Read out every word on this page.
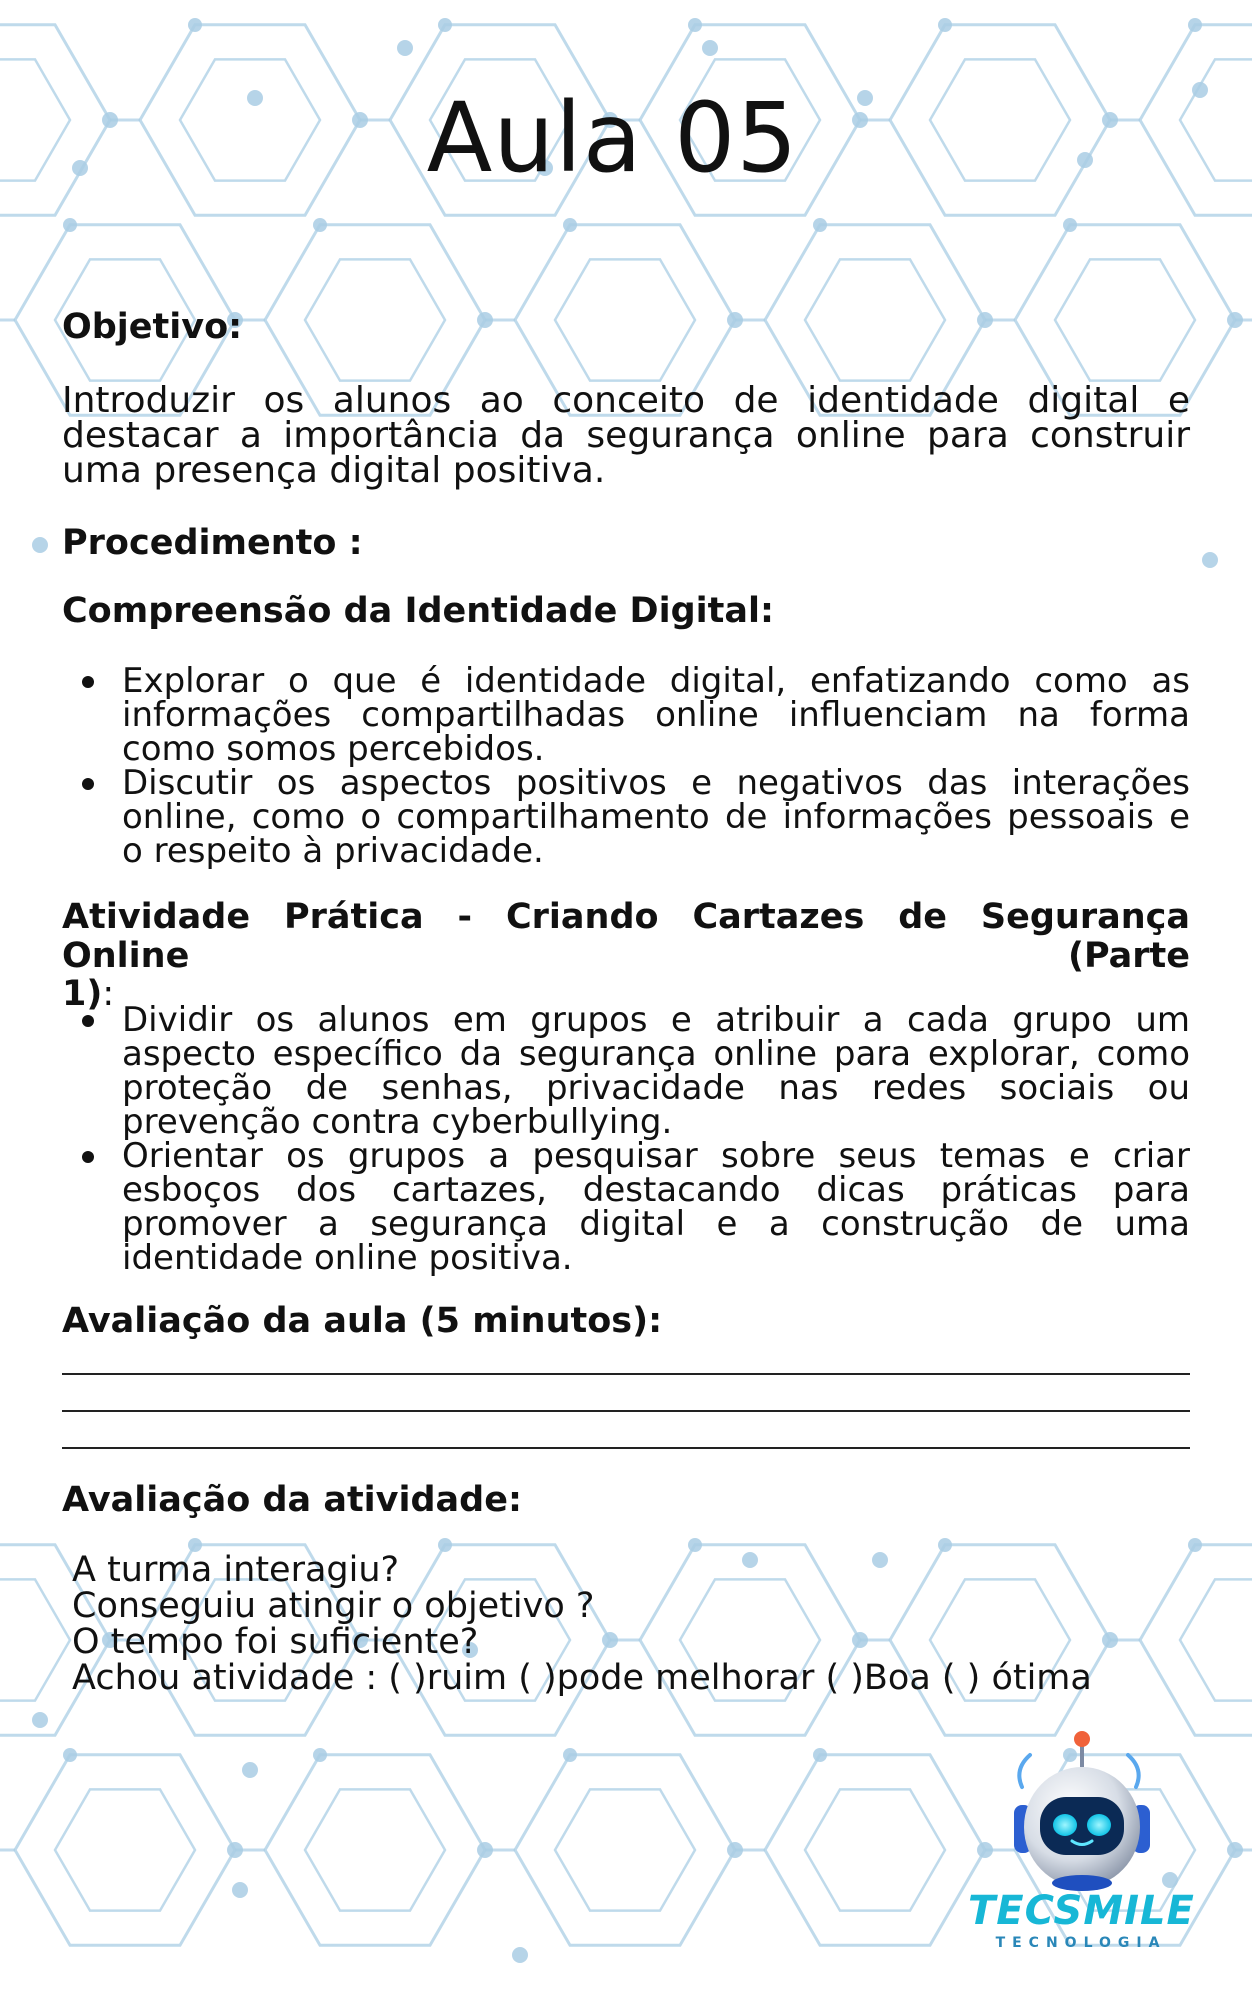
Aula 05
Objetivo:
Introduzir os alunos ao conceito de identidade digital e destacar a importância da segurança online para construir uma presença digital positiva.
Procedimento :
Compreensão da Identidade Digital:
Explorar o que é identidade digital, enfatizando como as informações compartilhadas online influenciam na forma como somos percebidos.
Discutir os aspectos positivos e negativos das interações online, como o compartilhamento de informações pessoais e o respeito à privacidade.
Atividade Prática - Criando Cartazes de Segurança Online (Parte
1):
Dividir os alunos em grupos e atribuir a cada grupo um aspecto específico da segurança online para explorar, como proteção de senhas, privacidade nas redes sociais ou prevenção contra cyberbullying.
Orientar os grupos a pesquisar sobre seus temas e criar esboços dos cartazes, destacando dicas práticas para promover a segurança digital e a construção de uma identidade online positiva.
Avaliação da aula (5 minutos):
Avaliação da atividade:
A turma interagiu?
Conseguiu atingir o objetivo ?
O tempo foi suficiente?
Achou atividade : ( )ruim ( )pode melhorar ( )Boa ( ) ótima
TECSMILE
TECNOLOGIA
